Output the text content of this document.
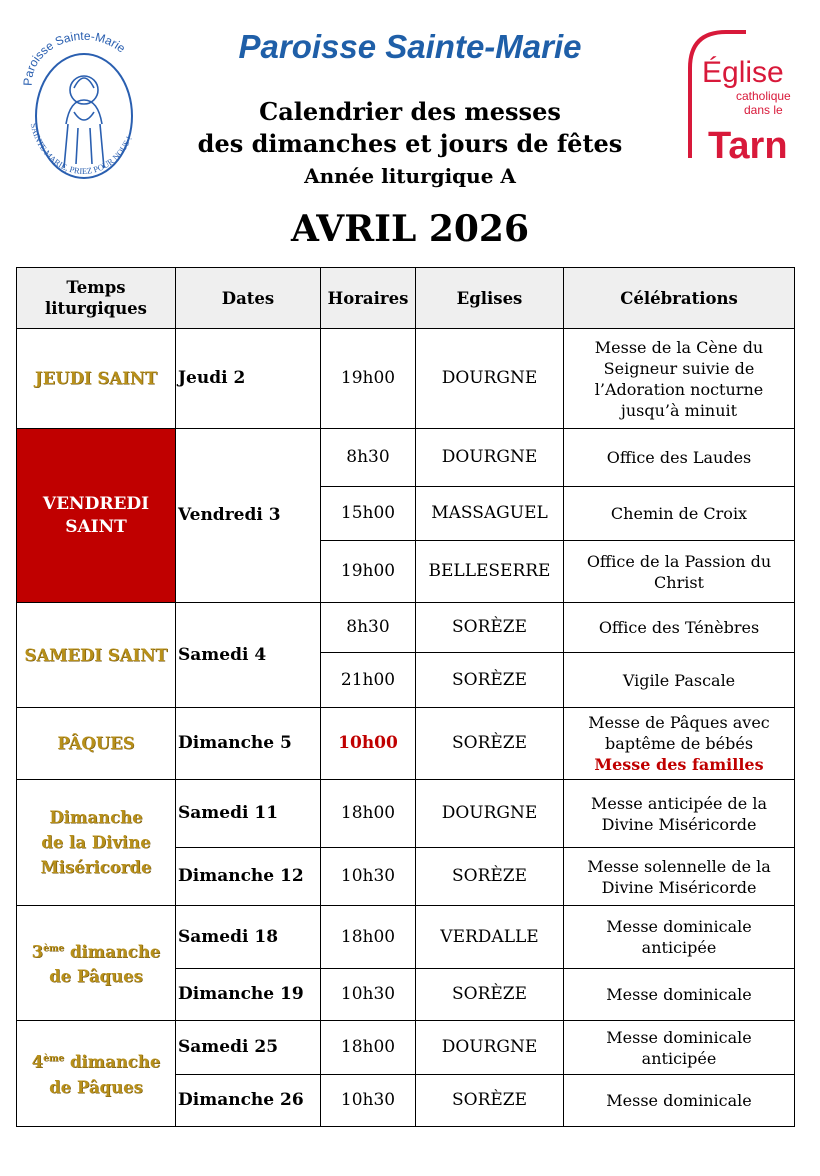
Paroisse Sainte-Marie
SAINTE MARIE, PRIEZ POUR NOUS !
Église
catholique
dans le
Tarn
Paroisse Sainte-Marie
Calendrier des messes
des dimanches et jours de fêtes
Année liturgique A
AVRIL 2026
Temps
liturgiques	Dates	Horaires	Eglises	Célébrations
JEUDI SAINT	Jeudi 2	19h00	DOURGNE	Messe de la Cène du Seigneur suivie de l’Adoration nocturne jusqu’à minuit
VENDREDI
SAINT	Vendredi 3	8h30	DOURGNE	Office des Laudes
		15h00	MASSAGUEL	Chemin de Croix
		19h00	BELLESERRE	Office de la Passion du Christ
SAMEDI SAINT	Samedi 4	8h30	SORÈZE	Office des Ténèbres
		21h00	SORÈZE	Vigile Pascale
PÂQUES	Dimanche 5	10h00	SORÈZE	Messe de Pâques avec baptême de bébés
Messe des familles
Dimanche
de la Divine
Miséricorde	Samedi 11	18h00	DOURGNE	Messe anticipée de la Divine Miséricorde
	Dimanche 12	10h30	SORÈZE	Messe solennelle de la Divine Miséricorde
3ème dimanche
de Pâques	Samedi 18	18h00	VERDALLE	Messe dominicale anticipée
	Dimanche 19	10h30	SORÈZE	Messe dominicale
4ème dimanche
de Pâques	Samedi 25	18h00	DOURGNE	Messe dominicale anticipée
	Dimanche 26	10h30	SORÈZE	Messe dominicale
